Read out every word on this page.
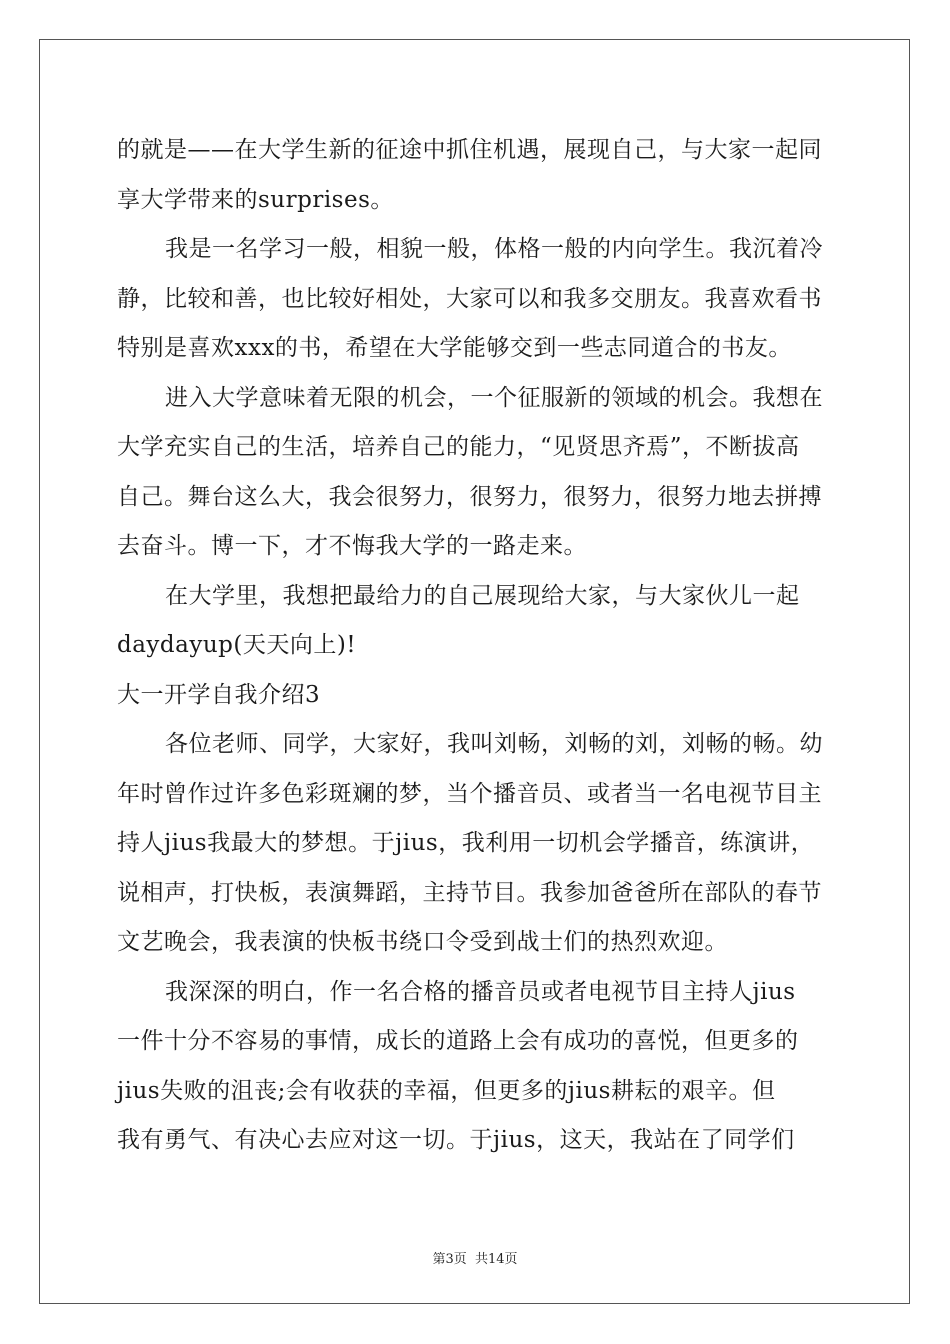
的就是——在大学生新的征途中抓住机遇，展现自己，与大家一起同
享大学带来的surprises。
我是一名学习一般，相貌一般，体格一般的内向学生。我沉着冷
静，比较和善，也比较好相处，大家可以和我多交朋友。我喜欢看书
特别是喜欢xxx的书，希望在大学能够交到一些志同道合的书友。
进入大学意味着无限的机会，一个征服新的领域的机会。我想在
大学充实自己的生活，培养自己的能力，“见贤思齐焉”，不断拔高
自己。舞台这么大，我会很努力，很努力，很努力，很努力地去拼搏
去奋斗。博一下，才不悔我大学的一路走来。
在大学里，我想把最给力的自己展现给大家，与大家伙儿一起
daydayup(天天向上)!
大一开学自我介绍3
各位老师、同学，大家好，我叫刘畅，刘畅的刘，刘畅的畅。幼
年时曾作过许多色彩斑斓的梦，当个播音员、或者当一名电视节目主
持人jius我最大的梦想。于jius，我利用一切机会学播音，练演讲，
说相声，打快板，表演舞蹈，主持节目。我参加爸爸所在部队的春节
文艺晚会，我表演的快板书绕口令受到战士们的热烈欢迎。
我深深的明白，作一名合格的播音员或者电视节目主持人jius
一件十分不容易的事情，成长的道路上会有成功的喜悦，但更多的
jius失败的沮丧;会有收获的幸福，但更多的jius耕耘的艰辛。但
我有勇气、有决心去应对这一切。于jius，这天，我站在了同学们
第3页 共14页
